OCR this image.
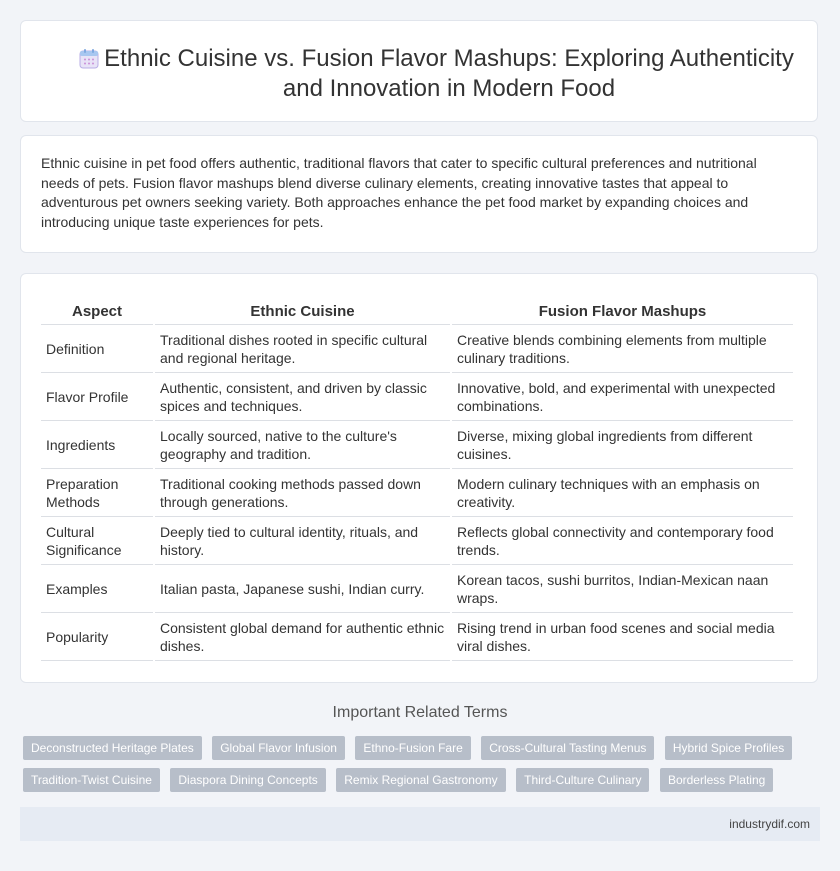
Ethnic Cuisine vs. Fusion Flavor Mashups: Exploring Authenticity and Innovation in Modern Food

Ethnic cuisine in pet food offers authentic, traditional flavors that cater to specific cultural preferences and nutritional needs of pets. Fusion flavor mashups blend diverse culinary elements, creating innovative tastes that appeal to adventurous pet owners seeking variety. Both approaches enhance the pet food market by expanding choices and introducing unique taste experiences for pets.

Aspect	Ethnic Cuisine	Fusion Flavor Mashups
Definition	Traditional dishes rooted in specific cultural and regional heritage.	Creative blends combining elements from multiple culinary traditions.
Flavor Profile	Authentic, consistent, and driven by classic spices and techniques.	Innovative, bold, and experimental with unexpected combinations.
Ingredients	Locally sourced, native to the culture's geography and tradition.	Diverse, mixing global ingredients from different cuisines.
Preparation Methods	Traditional cooking methods passed down through generations.	Modern culinary techniques with an emphasis on creativity.
Cultural Significance	Deeply tied to cultural identity, rituals, and history.	Reflects global connectivity and contemporary food trends.
Examples	Italian pasta, Japanese sushi, Indian curry.	Korean tacos, sushi burritos, Indian-Mexican naan wraps.
Popularity	Consistent global demand for authentic ethnic dishes.	Rising trend in urban food scenes and social media viral dishes.
Important Related Terms
Deconstructed Heritage Plates Global Flavor Infusion Ethno-Fusion Fare Cross-Cultural Tasting Menus Hybrid Spice Profiles
Tradition-Twist Cuisine Diaspora Dining Concepts Remix Regional Gastronomy Third-Culture Culinary Borderless Plating
industrydif.com
